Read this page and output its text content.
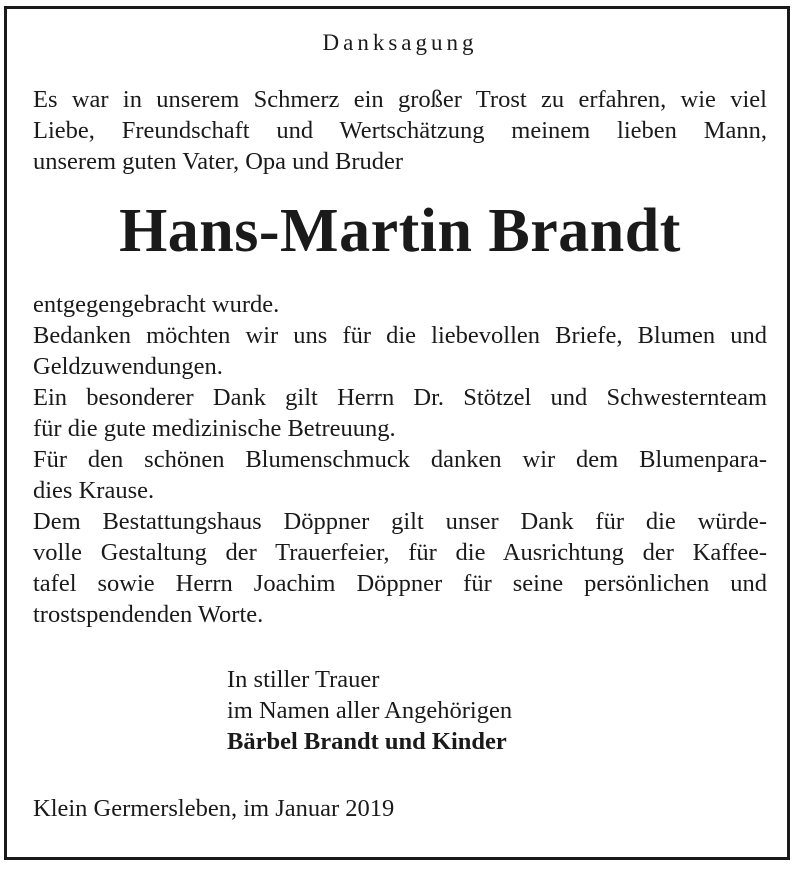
Danksagung
Es war in unserem Schmerz ein großer Trost zu erfahren, wie viel
Liebe, Freundschaft und Wertschätzung meinem lieben Mann,
unserem guten Vater, Opa und Bruder
Hans-Martin Brandt
entgegengebracht wurde.
Bedanken möchten wir uns für die liebevollen Briefe, Blumen und
Geldzuwendungen.
Ein besonderer Dank gilt Herrn Dr. Stötzel und Schwesternteam
für die gute medizinische Betreuung.
Für den schönen Blumenschmuck danken wir dem Blumenpara-
dies Krause.
Dem Bestattungshaus Döppner gilt unser Dank für die würde-
volle Gestaltung der Trauerfeier, für die Ausrichtung der Kaffee-
tafel sowie Herrn Joachim Döppner für seine persönlichen und
trostspendenden Worte.
In stiller Trauer
im Namen aller Angehörigen
Bärbel Brandt und Kinder
Klein Germersleben, im Januar 2019
